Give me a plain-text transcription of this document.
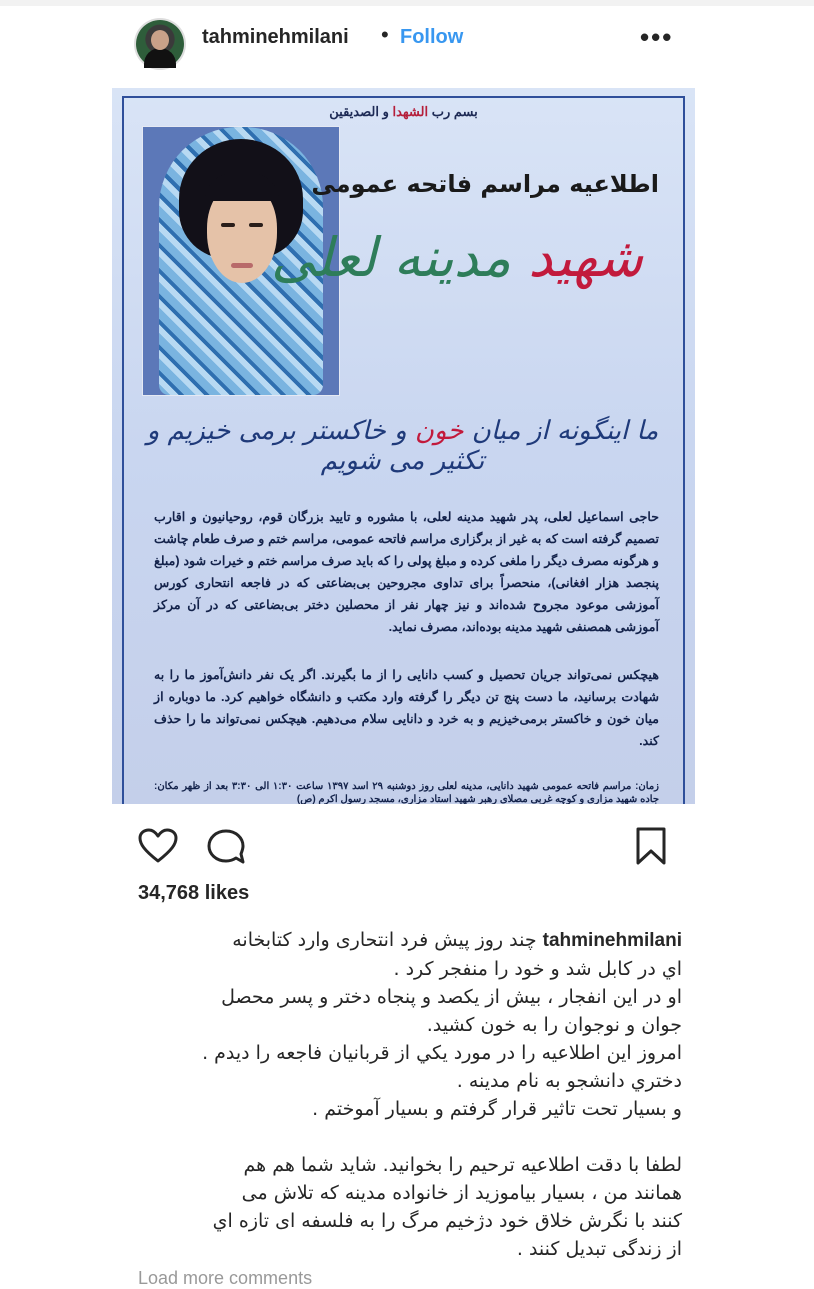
tahminehmilani • Follow	•••
بسم رب الشهدا و الصدیقین
اطلاعیه مراسم فاتحه عمومی
شهید مدینه لعلی
ما اینگونه از میان خون و خاکستر برمی خیزیم و تکثیر می شویم
حاجی اسماعیل لعلی، پدر شهید مدینه لعلی، با مشوره و تایید بزرگان قوم، روحیانیون و اقارب تصمیم گرفته است که به غیر از برگزاری مراسم فاتحه عمومی، مراسم ختم و صرف طعام چاشت و هرگونه مصرف دیگر را ملغی کرده و مبلغ پولی را که باید صرف مراسم ختم و خیرات شود (مبلغ پنجصد هزار افغانی)، منحصراً برای تداوی مجروحین بی‌بضاعتی که در فاجعه انتحاری کورس آموزشی موعود مجروح شده‌اند و نیز چهار نفر از محصلین دختر بی‌بضاعتی که در آن مرکز آموزشی همصنفی شهید مدینه بوده‌اند، مصرف نماید.
هیچکس نمی‌تواند جریان تحصیل و کسب دانایی را از ما بگیرند. اگر یک نفر دانش‌آموز ما را به شهادت برسانید، ما دست پنج تن دیگر را گرفته وارد مکتب و دانشگاه خواهیم کرد. ما دوباره از میان خون و خاکستر برمی‌خیزیم و به خرد و دانایی سلام می‌دهیم. هیچکس نمی‌تواند ما را حذف کند.
زمان: مراسم فاتحه عمومی شهید دانایی، مدینه لعلی روز دوشنبه ۲۹ اسد ۱۳۹۷ ساعت ۱:۳۰ الی ۳:۳۰ بعد از ظهر مکان: جاده شهید مزاری و کوچه غربی مصلای رهبر شهید استاد مزاری، مسجد رسول اکرم (ص)
34,768 likes
tahminehmilani چند روز پیش فرد انتحاری وارد کتابخانه
اي در کابل شد و خود را منفجر کرد .
او در این انفجار ، بیش از یکصد و پنجاه دختر و پسر محصل
جوان و نوجوان را به خون کشید.
امروز این اطلاعیه را در مورد یکي از قربانیان فاجعه را دیدم .
دختري دانشجو به نام مدینه .
و بسیار تحت تاثیر قرار گرفتم و بسیار آموختم .
لطفا با دقت اطلاعیه ترحیم را بخوانید. شاید شما هم هم
همانند من ، بسیار بیاموزید از خانواده مدینه که تلاش می
کنند با نگرش خلاق خود دژخیم مرگ را به فلسفه ای تازه اي
از زندگی تبدیل کنند .
Load more comments
